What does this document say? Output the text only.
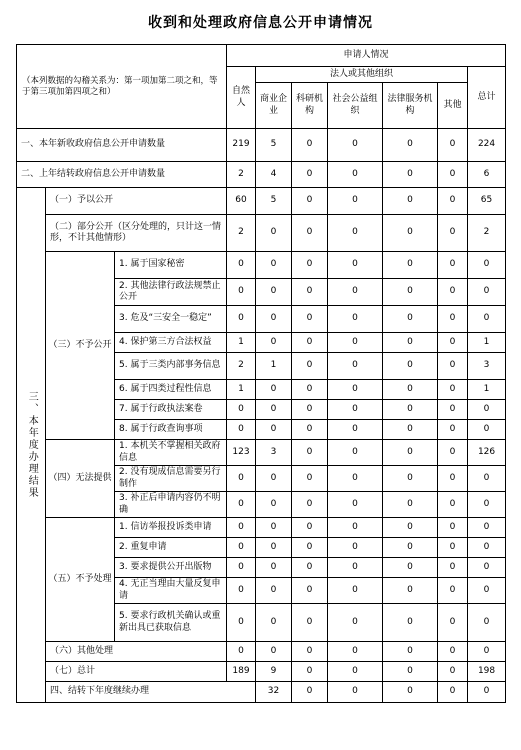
收到和处理政府信息公开申请情况
（本列数据的勾稽关系为：第一项加第二项之和，等于第三项加第四项之和）			申请人情况							
			自然人	法人或其他组织					总计	
				商业企业	科研机构	社会公益组织	法律服务机构	其他		
一、本年新收政府信息公开申请数量			219	5	0	0	0	0	224	
二、上年结转政府信息公开申请数量			2	4	0	0	0	0	6	
三、本年度办理结果	（一）予以公开		60	5	0	0	0	0	65	
	（二）部分公开（区分处理的，只计这一情形，不计其他情形）		2	0	0	0	0	0	2	
	（三）不予公开	1. 属于国家秘密	0	0	0	0	0	0	0	
		2. 其他法律行政法规禁止公开	0	0	0	0	0	0	0	
		3. 危及“三安全一稳定”	0	0	0	0	0	0	0	
		4. 保护第三方合法权益	1	0	0	0	0	0	1	
		5. 属于三类内部事务信息	2	1	0	0	0	0	3	
		6. 属于四类过程性信息	1	0	0	0	0	0	1	
		7. 属于行政执法案卷	0	0	0	0	0	0	0	
		8. 属于行政查询事项	0	0	0	0	0	0	0	
	（四）无法提供	1. 本机关不掌握相关政府信息	123	3	0	0	0	0	126	
		2. 没有现成信息需要另行制作	0	0	0	0	0	0	0	
		3. 补正后申请内容仍不明确	0	0	0	0	0	0	0	
	（五）不予处理	1. 信访举报投诉类申请	0	0	0	0	0	0	0	
		2. 重复申请	0	0	0	0	0	0	0	
		3. 要求提供公开出版物	0	0	0	0	0	0	0	
		4. 无正当理由大量反复申请	0	0	0	0	0	0	0	
		5. 要求行政机关确认或重新出具已获取信息	0	0	0	0	0	0	0	
	（六）其他处理		0	0	0	0	0	0	0	
	（七）总计		189	9	0	0	0	0	198	
	四、结转下年度继续办理			32	0	0	0	0	0	
